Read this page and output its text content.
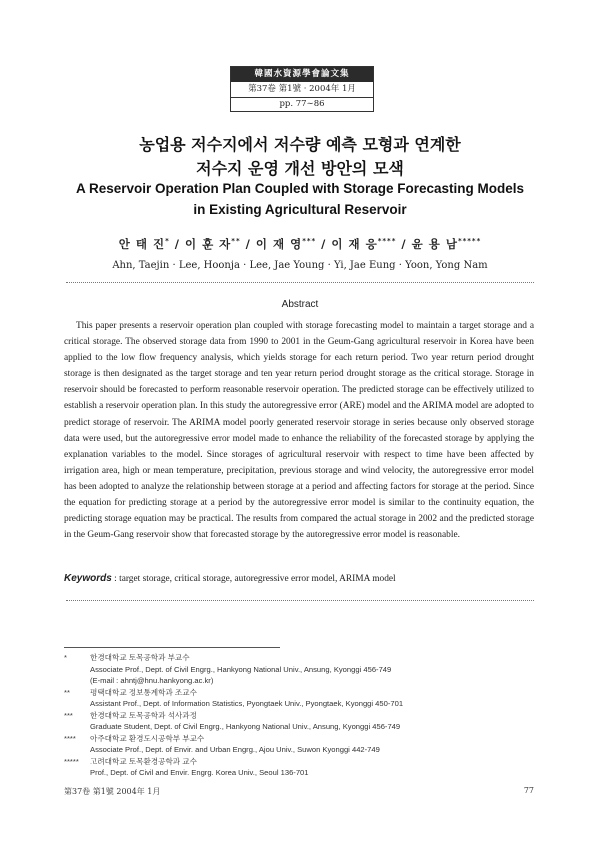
韓國水資源學會論文集
第37卷 第1號 · 2004年 1月
pp. 77∼86
농업용 저수지에서 저수량 예측 모형과 연계한
저수지 운영 개선 방안의 모색
A Reservoir Operation Plan Coupled with Storage Forecasting Models
in Existing Agricultural Reservoir
안 태 진* / 이 훈 자** / 이 재 영*** / 이 재 응**** / 윤 용 남*****
Ahn, Taejin · Lee, Hoonja · Lee, Jae Young · Yi, Jae Eung · Yoon, Yong Nam
Abstract

This paper presents a reservoir operation plan coupled with storage forecasting model to maintain a target storage and a critical storage. The observed storage data from 1990 to 2001 in the Geum-Gang agricultural reservoir in Korea have been applied to the low flow frequency analysis, which yields storage for each return period. Two year return period drought storage is then designated as the target storage and ten year return period drought storage as the critical storage. Storage in reservoir should be forecasted to perform reasonable reservoir operation. The predicted storage can be effectively utilized to establish a reservoir operation plan. In this study the autoregressive error (ARE) model and the ARIMA model are adopted to predict storage of reservoir. The ARIMA model poorly generated reservoir storage in series because only observed storage data were used, but the autoregressive error model made to enhance the reliability of the forecasted storage by applying the explanation variables to the model. Since storages of agricultural reservoir with respect to time have been affected by irrigation area, high or mean temperature, precipitation, previous storage and wind velocity, the autoregressive error model has been adopted to analyze the relationship between storage at a period and affecting factors for storage at the period. Since the equation for predicting storage at a period by the autoregressive error model is similar to the continuity equation, the predicting storage equation may be practical. The results from compared the actual storage in 2002 and the predicted storage in the Geum-Gang reservoir show that forecasted storage by the autoregressive error model is reasonable.

Keywords : target storage, critical storage, autoregressive error model, ARIMA model
*	한경대학교 토목공학과 부교수
Associate Prof., Dept. of Civil Engrg., Hankyong National Univ., Ansung, Kyonggi 456-749
(E-mail : ahntj@hnu.hankyong.ac.kr)
**	평택대학교 정보통계학과 조교수
Assistant Prof., Dept. of Information Statistics, Pyongtaek Univ., Pyongtaek, Kyonggi 450-701
***	한경대학교 토목공학과 석사과정
Graduate Student, Dept. of Civil Engrg., Hankyong National Univ., Ansung, Kyonggi 456-749
****	아주대학교 환경도시공학부 부교수
Associate Prof., Dept. of Envir. and Urban Engrg., Ajou Univ., Suwon Kyonggi 442-749
*****	고려대학교 토목환경공학과 교수
Prof., Dept. of Civil and Envir. Engrg. Korea Univ., Seoul 136-701
第37卷 第1號 2004年 1月	77
